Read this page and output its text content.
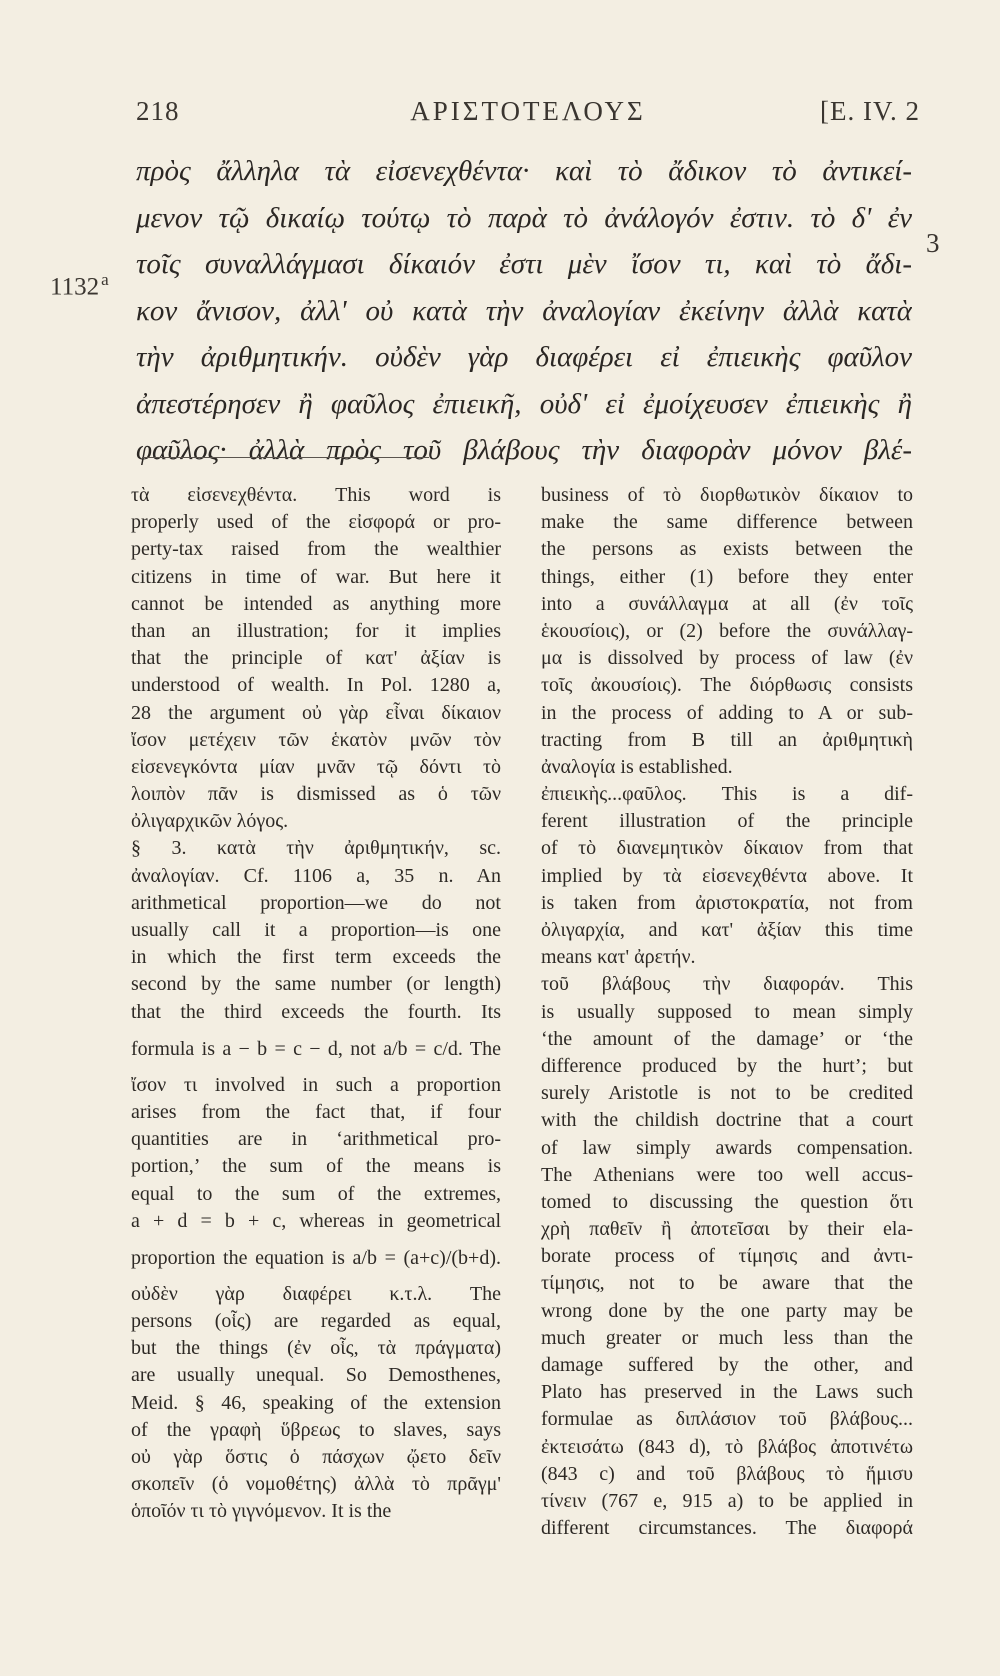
218	ΑΡΙΣΤΟΤΕΛΟΥΣ	[E. IV. 2
3
1132  $^a$
πρὸς ἄλληλα τὰ εἰσενεχθέντα· καὶ τὸ ἄδικον τὸ ἀντικεί-
μενον τῷ δικαίῳ τούτῳ τὸ παρὰ τὸ ἀνάλογόν ἐστιν. τὸ δ' ἐν
τοῖς συναλλάγμασι δίκαιόν ἐστι μὲν ἴσον τι, καὶ τὸ ἄδι-
κον ἄνισον, ἀλλ' οὐ κατὰ τὴν ἀναλογίαν ἐκείνην ἀλλὰ κατὰ
τὴν ἀριθμητικήν. οὐδὲν γὰρ διαφέρει εἰ ἐπιεικὴς φαῦλον
ἀπεστέρησεν ἢ φαῦλος ἐπιεικῆ, οὐδ' εἰ ἐμοίχευσεν ἐπιεικὴς ἢ
φαῦλος· ἀλλὰ πρὸς τοῦ βλάβους τὴν διαφορὰν μόνον βλέ-
τὰ εἰσενεχθέντα. This word is
properly used of the εἰσφορά or pro-
perty-tax raised from the wealthier
citizens in time of war. But here it
cannot be intended as anything more
than an illustration; for it implies
that the principle of κατ' ἀξίαν is
understood of wealth. In Pol. 1280 a,
28 the argument οὐ γὰρ εἶναι δίκαιον
ἴσον μετέχειν τῶν ἑκατὸν μνῶν τὸν
εἰσενεγκόντα μίαν μνᾶν τῷ δόντι τὸ
λοιπὸν πᾶν is dismissed as ὁ τῶν
ὀλιγαρχικῶν λόγος.
§ 3. κατὰ τὴν ἀριθμητικήν, sc.
ἀναλογίαν. Cf. 1106 a, 35 n. An
arithmetical proportion—we do not
usually call it a proportion—is one
in which the first term exceeds the
second by the same number (or length)
that the third exceeds the fourth. Its
formula is a − b = c − d, not a/b = c/d. The
ἴσον τι involved in such a proportion
arises from the fact that, if four
quantities are in ‘arithmetical pro-
portion,’ the sum of the means is
equal to the sum of the extremes,
a + d = b + c, whereas in geometrical
proportion the equation is a/b = (a+c)/(b+d).
οὐδὲν γὰρ διαφέρει κ.τ.λ. The
persons (οἷς) are regarded as equal,
but the things (ἐν οἷς, τὰ πράγματα)
are usually unequal. So Demosthenes,
Meid. § 46, speaking of the extension
of the γραφὴ ὕβρεως to slaves, says
οὐ γὰρ ὅστις ὁ πάσχων ᾤετο δεῖν
σκοπεῖν (ὁ νομοθέτης) ἀλλὰ τὸ πρᾶγμ'
ὁποῖόν τι τὸ γιγνόμενον. It is the
business of τὸ διορθωτικὸν δίκαιον to
make the same difference between
the persons as exists between the
things, either (1) before they enter
into a συνάλλαγμα at all (ἐν τοῖς
ἑκουσίοις), or (2) before the συνάλλαγ-
μα is dissolved by process of law (ἐν
τοῖς ἀκουσίοις). The διόρθωσις consists
in the process of adding to A or sub-
tracting from B till an ἀριθμητικὴ
ἀναλογία is established.
ἐπιεικὴς...φαῦλος. This is a dif-
ferent illustration of the principle
of τὸ διανεμητικὸν δίκαιον from that
implied by τὰ εἰσενεχθέντα above. It
is taken from ἀριστοκρατία, not from
ὀλιγαρχία, and κατ' ἀξίαν this time
means κατ' ἀρετήν.
τοῦ βλάβους τὴν διαφοράν. This
is usually supposed to mean simply
‘the amount of the damage’ or ‘the
difference produced by the hurt’; but
surely Aristotle is not to be credited
with the childish doctrine that a court
of law simply awards compensation.
The Athenians were too well accus-
tomed to discussing the question ὅτι
χρὴ παθεῖν ἢ ἀποτεῖσαι by their ela-
borate process of τίμησις and ἀντι-
τίμησις, not to be aware that the
wrong done by the one party may be
much greater or much less than the
damage suffered by the other, and
Plato has preserved in the Laws such
formulae as διπλάσιον τοῦ βλάβους...
ἐκτεισάτω (843 d), τὸ βλάβος ἀποτινέτω
(843 c) and τοῦ βλάβους τὸ ἥμισυ
τίνειν (767 e, 915 a) to be applied in
different circumstances. The διαφορά
